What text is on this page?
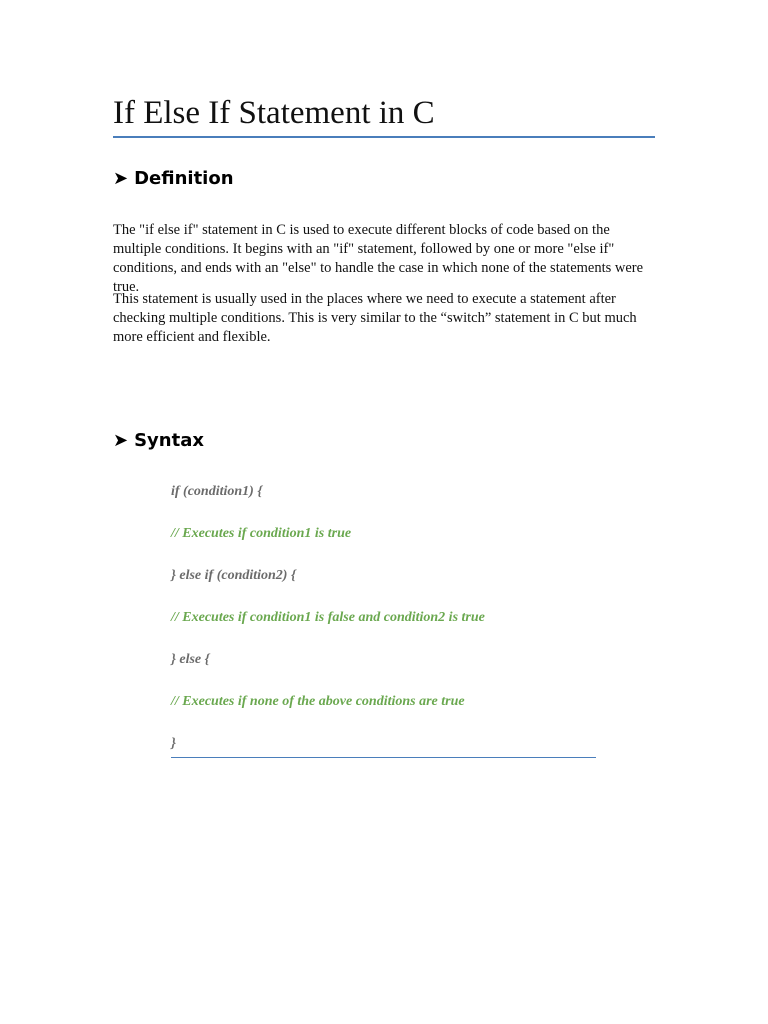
If Else If Statement in C
➤ Definition

The "if else if" statement in C is used to execute different blocks of code based on the multiple conditions. It begins with an "if" statement, followed by one or more "else if" conditions, and ends with an "else" to handle the case in which none of the statements were true.

This statement is usually used in the places where we need to execute a statement after checking multiple conditions. This is very similar to the “switch” statement in C but much more efficient and flexible.

➤ Syntax

if (condition1) {

// Executes if condition1 is true

} else if (condition2) {

// Executes if condition1 is false and condition2 is true

} else {

// Executes if none of the above conditions are true

}
